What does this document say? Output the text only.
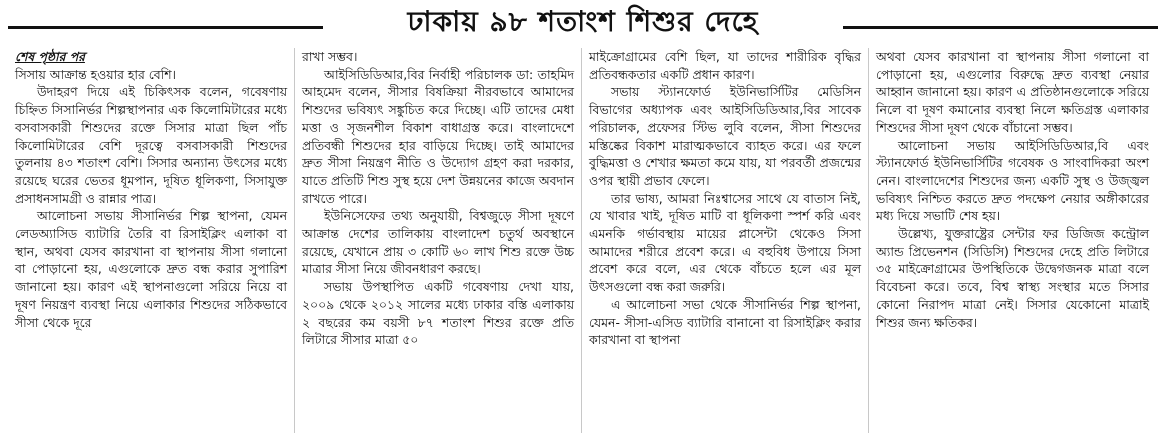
ঢাকায় ৯৮ শতাংশ শিশুর দেহে
শেষ পৃষ্ঠার পর

সিসায় আক্রান্ত হওয়ার হার বেশি।

উদাহরণ দিয়ে এই চিকিৎসক বলেন, গবেষণায় চিহ্নিত সিসানির্ভর শিল্পস্থাপনার এক কিলোমিটারের মধ্যে বসবাসকারী শিশুদের রক্তে সিসার মাত্রা ছিল পাঁচ কিলোমিটারের বেশি দূরত্বে বসবাসকারী শিশুদের তুলনায় ৪৩ শতাংশ বেশি। সিসার অন্যান্য উৎসের মধ্যে রয়েছে ঘরের ভেতর ধূমপান, দূষিত ধূলিকণা, সিসাযুক্ত প্রসাধনসামগ্রী ও রান্নার পাত্র।

আলোচনা সভায় সীসানির্ভর শিল্প স্থাপনা, যেমন লেডঅ্যাসিড ব্যাটারি তৈরি বা রিসাইক্লিং এলাকা বা স্থান, অথবা যেসব কারখানা বা স্থাপনায় সীসা গলানো বা পোড়ানো হয়, এগুলোকে দ্রুত বন্ধ করার সুপারিশ জানানো হয়। কারণ এই স্থাপনাগুলো সরিয়ে নিয়ে বা দূষণ নিয়ন্ত্রণ ব্যবস্থা নিয়ে এলাকার শিশুদের সঠিকভাবে সীসা থেকে দূরে

রাখা সম্ভব।

আইসিডিডিআর,বির নির্বাহী পরিচালক ডা: তাহমিদ আহমেদ বলেন, সীসার বিষক্রিয়া নীরবভাবে আমাদের শিশুদের ভবিষ্যৎ সঙ্কুচিত করে দিচ্ছে। এটি তাদের মেধা মত্তা ও সৃজনশীল বিকাশ বাধাগ্রস্ত করে। বাংলাদেশে প্রতিবন্ধী শিশুদের হার বাড়িয়ে দিচ্ছে। তাই আমাদের দ্রুত সীসা নিয়ন্ত্রণ নীতি ও উদ্যোগ গ্রহণ করা দরকার, যাতে প্রতিটি শিশু সুস্থ হয়ে দেশ উন্নয়নের কাজে অবদান রাখতে পারে।

ইউনিসেফের তথ্য অনুযায়ী, বিশ্বজুড়ে সীসা দূষণে আক্রান্ত দেশের তালিকায় বাংলাদেশ চতুর্থ অবস্থানে রয়েছে, যেখানে প্রায় ৩ কোটি ৬০ লাখ শিশু রক্তে উচ্চ মাত্রার সীসা নিয়ে জীবনধারণ করছে।

সভায় উপস্থাপিত একটি গবেষণায় দেখা যায়, ২০০৯ থেকে ২০১২ সালের মধ্যে ঢাকার বস্তি এলাকায় ২ বছরের কম বয়সী ৮৭ শতাংশ শিশুর রক্তে প্রতি লিটারে সীসার মাত্রা ৫০

মাইক্রোগ্রামের বেশি ছিল, যা তাদের শারীরিক বৃদ্ধির প্রতিবন্ধকতার একটি প্রধান কারণ।

সভায় স্ট্যানফোর্ড ইউনিভার্সিটির মেডিসিন বিভাগের অধ্যাপক এবং আইসিডিডিআর,বির সাবেক পরিচালক, প্রফেসর স্টিভ লুবি বলেন, সীসা শিশুদের মস্তিষ্কের বিকাশ মারাত্মকভাবে ব্যাহত করে। এর ফলে বুদ্ধিমত্তা ও শেখার ক্ষমতা কমে যায়, যা পরবর্তী প্রজন্মের ওপর স্থায়ী প্রভাব ফেলে।

তার ভাষ্য, আমরা নিঃশ্বাসের সাথে যে বাতাস নিই, যে খাবার খাই, দূষিত মাটি বা ধূলিকণা স্পর্শ করি এবং এমনকি গর্ভাবস্থায় মায়ের প্লাসেন্টা থেকেও সিসা আমাদের শরীরে প্রবেশ করে। এ বহুবিধ উপায়ে সিসা প্রবেশ করে বলে, এর থেকে বাঁচতে হলে এর মূল উৎসগুলো বন্ধ করা জরুরি।

এ আলোচনা সভা থেকে সীসানির্ভর শিল্প স্থাপনা, যেমন- সীসা-এসিড ব্যাটারি বানানো বা রিসাইক্লিং করার কারখানা বা স্থাপনা

অথবা যেসব কারখানা বা স্থাপনায় সীসা গলানো বা পোড়ানো হয়, এগুলোর বিরুদ্ধে দ্রুত ব্যবস্থা নেয়ার আহ্বান জানানো হয়। কারণ এ প্রতিষ্ঠানগুলোকে সরিয়ে নিলে বা দূষণ কমানোর ব্যবস্থা নিলে ক্ষতিগ্রস্ত এলাকার শিশুদের সীসা দূষণ থেকে বাঁচানো সম্ভব।

আলোচনা সভায় আইসিডিডিআর,বি এবং স্ট্যানফোর্ড ইউনিভার্সিটির গবেষক ও সাংবাদিকরা অংশ নেন। বাংলাদেশের শিশুদের জন্য একটি সুস্থ ও উজ্জ্বল ভবিষ্যৎ নিশ্চিত করতে দ্রুত পদক্ষেপ নেয়ার অঙ্গীকারের মধ্য দিয়ে সভাটি শেষ হয়।

উল্লেখ্য, যুক্তরাষ্ট্রের সেন্টার ফর ডিজিজ কন্ট্রোল অ্যান্ড প্রিভেনশন (সিডিসি) শিশুদের দেহে প্রতি লিটারে ৩৫ মাইক্রোগ্রামের উপস্থিতিকে উদ্বেগজনক মাত্রা বলে বিবেচনা করে। তবে, বিশ্ব স্বাস্থ্য সংস্থার মতে সিসার কোনো নিরাপদ মাত্রা নেই। সিসার যেকোনো মাত্রাই শিশুর জন্য ক্ষতিকর।
